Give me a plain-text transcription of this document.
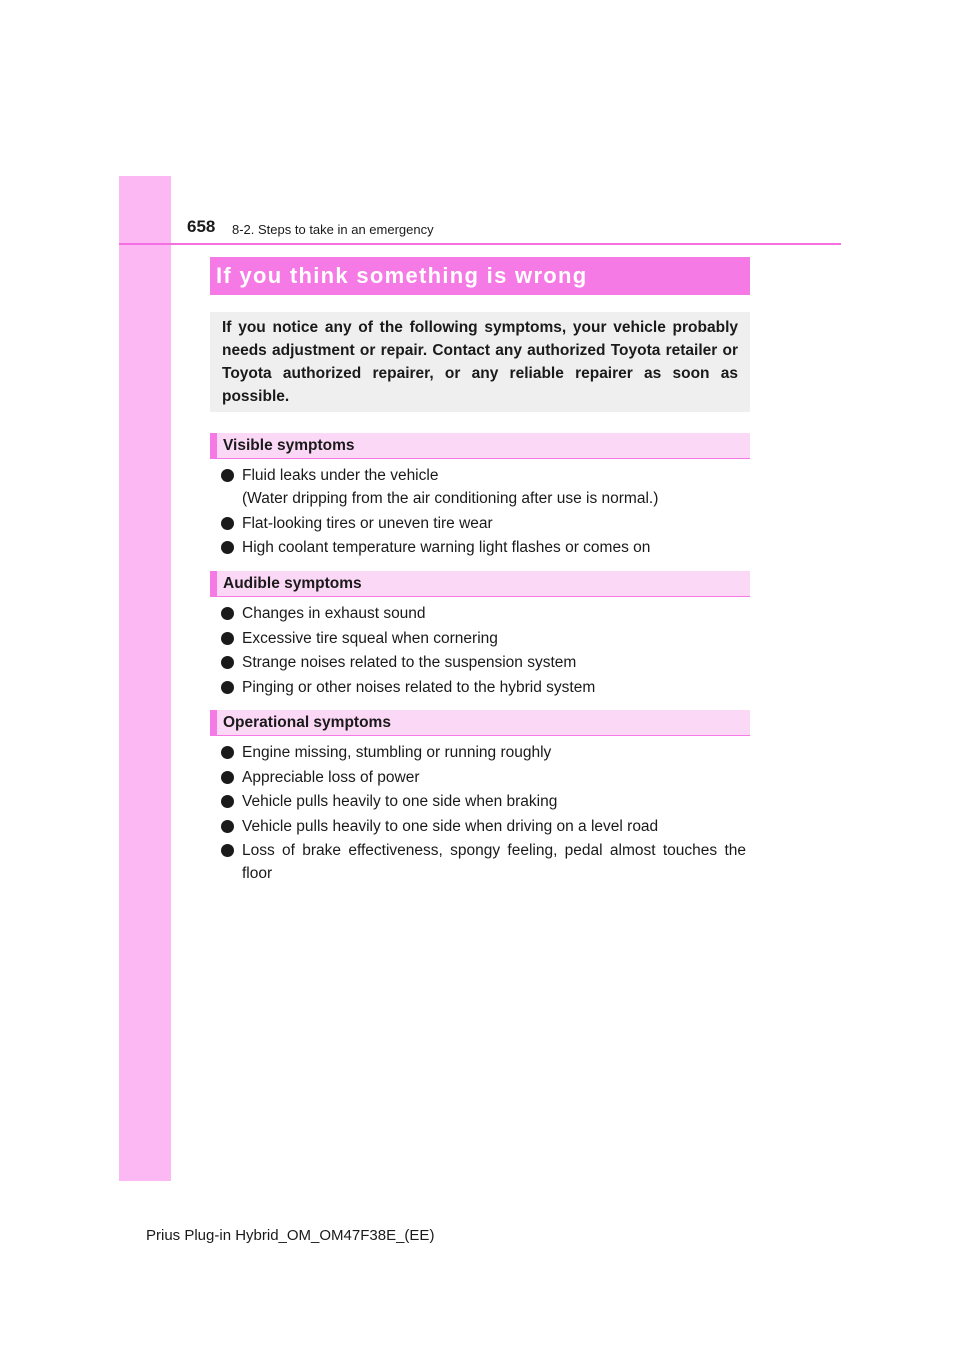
658 8-2. Steps to take in an emergency
If you think something is wrong
If you notice any of the following symptoms, your vehicle probably needs adjustment or repair. Contact any authorized Toyota retailer or Toyota authorized repairer, or any reliable repairer as soon as possible.
Visible symptoms
Fluid leaks under the vehicle
(Water dripping from the air conditioning after use is normal.)
Flat-looking tires or uneven tire wear
High coolant temperature warning light flashes or comes on
Audible symptoms
Changes in exhaust sound
Excessive tire squeal when cornering
Strange noises related to the suspension system
Pinging or other noises related to the hybrid system
Operational symptoms
Engine missing, stumbling or running roughly
Appreciable loss of power
Vehicle pulls heavily to one side when braking
Vehicle pulls heavily to one side when driving on a level road
Loss of brake effectiveness, spongy feeling, pedal almost touches the floor
Prius Plug-in Hybrid_OM_OM47F38E_(EE)
